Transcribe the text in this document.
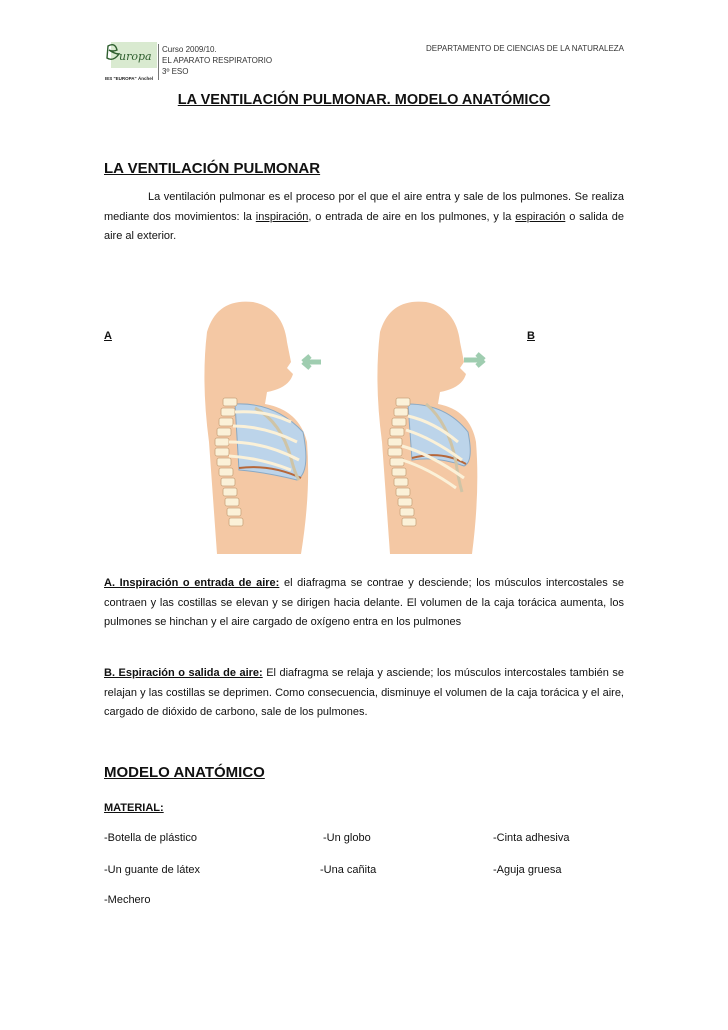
uropa
IES "EUROPA" Ánchel
Curso 2009/10.
EL APARATO RESPIRATORIO
3º ESO
DEPARTAMENTO DE CIENCIAS DE LA NATURALEZA
LA VENTILACIÓN PULMONAR. MODELO ANATÓMICO
LA VENTILACIÓN PULMONAR
La ventilación pulmonar es el proceso por el que el aire entra y sale de los pulmones. Se realiza mediante dos movimientos: la inspiración, o entrada de aire en los pulmones, y la espiración o salida de aire al exterior.
A	B
A. Inspiración o entrada de aire: el diafragma se contrae y desciende; los músculos intercostales se contraen y las costillas se elevan y se dirigen hacia delante. El volumen de la caja torácica aumenta, los pulmones se hinchan y el aire cargado de oxígeno entra en los pulmones
B. Espiración o salida de aire: El diafragma se relaja y asciende; los músculos intercostales también se relajan y las costillas se deprimen. Como consecuencia, disminuye el volumen de la caja torácica y el aire, cargado de dióxido de carbono, sale de los pulmones.
MODELO ANATÓMICO
MATERIAL:
-Botella de plástico	-Un globo	-Cinta adhesiva
-Un guante de látex	-Una cañita	-Aguja gruesa
-Mechero
